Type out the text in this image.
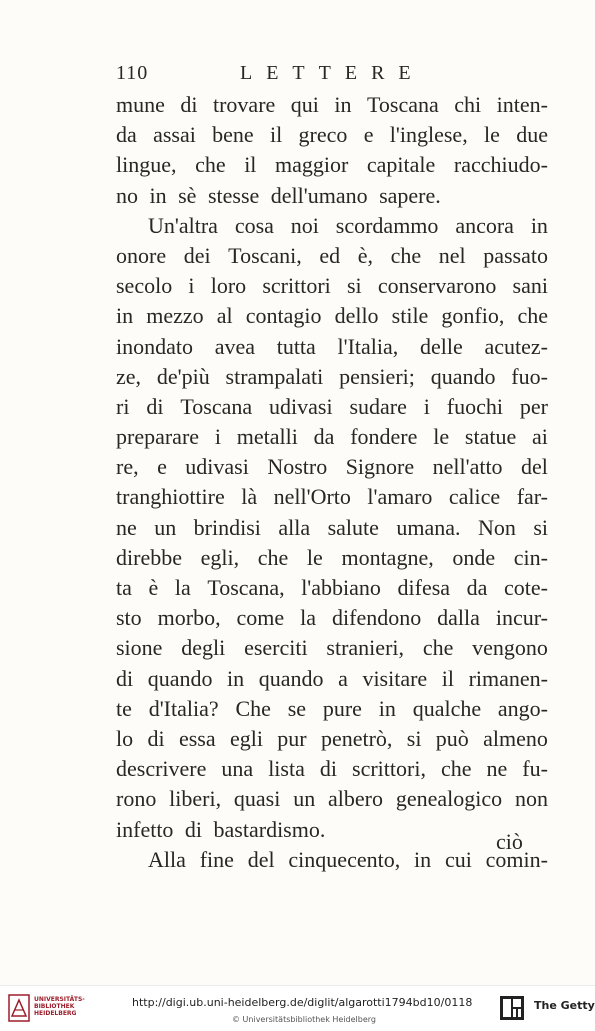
110	LETTERE
mune di trovare qui in Toscana chi inten-
da assai bene il greco e l'inglese, le due
lingue, che il maggior capitale racchiudo-
no in sè stesse dell'umano sapere.
Un'altra cosa noi scordammo ancora in
onore dei Toscani, ed è, che nel passato
secolo i loro scrittori si conservarono sani
in mezzo al contagio dello stile gonfio, che
inondato avea tutta l'Italia, delle acutez-
ze, de'più strampalati pensieri; quando fuo-
ri di Toscana udivasi sudare i fuochi per
preparare i metalli da fondere le statue ai
re, e udivasi Nostro Signore nell'atto del
tranghiottire là nell'Orto l'amaro calice far-
ne un brindisi alla salute umana. Non si
direbbe egli, che le montagne, onde cin-
ta è la Toscana, l'abbiano difesa da cote-
sto morbo, come la difendono dalla incur-
sione degli eserciti stranieri, che vengono
di quando in quando a visitare il rimanen-
te d'Italia? Che se pure in qualche ango-
lo di essa egli pur penetrò, si può almeno
descrivere una lista di scrittori, che ne fu-
rono liberi, quasi un albero genealogico non
infetto di bastardismo.
Alla fine del cinquecento, in cui comin-
ciò
UNIVERSITÄTS-
BIBLIOTHEK
HEIDELBERG
http://digi.ub.uni-heidelberg.de/diglit/algarotti1794bd10/0118
© Universitätsbibliothek Heidelberg
The Getty
